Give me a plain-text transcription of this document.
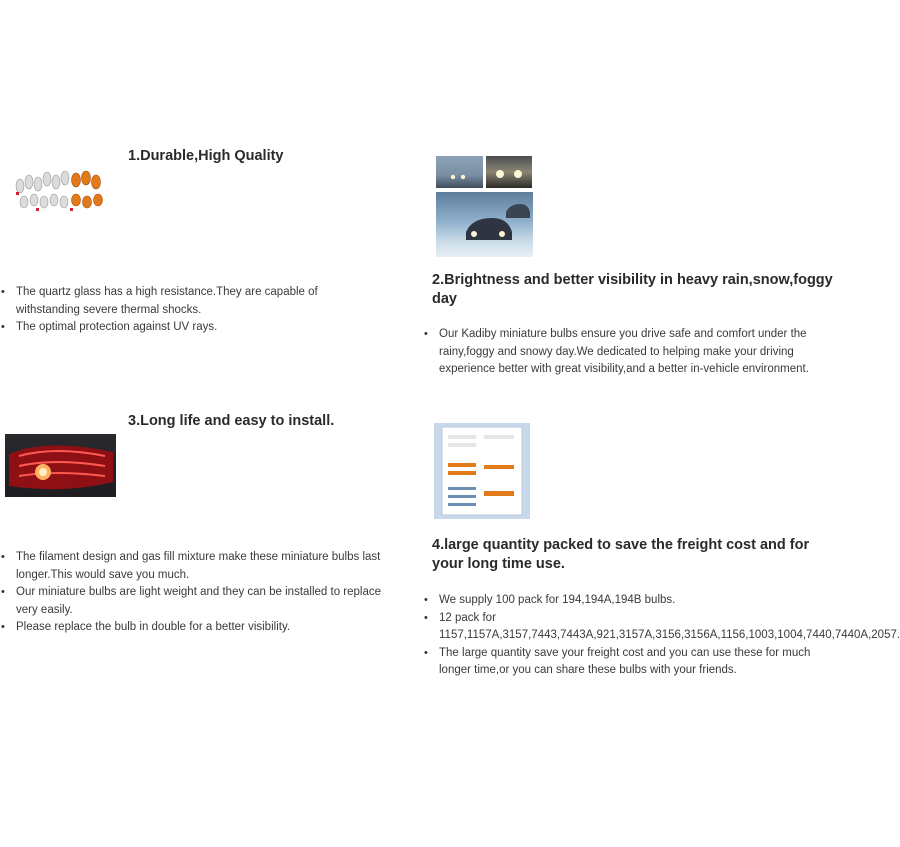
1.Durable,High Quality
• The quartz glass has a high resistance.They are capable of withstanding severe thermal shocks.
• The optimal protection against UV rays.
2.Brightness and better visibility in heavy rain,snow,foggy day
• Our Kadiby miniature bulbs ensure you drive safe and comfort under the rainy,foggy and snowy day.We dedicated to helping make your driving experience better with great visibility,and a better in-vehicle environment.
3.Long life and easy to install.
• The filament design and gas fill mixture make these miniature bulbs last longer.This would save you much.
• Our miniature bulbs are light weight and they can be installed to replace very easily.
• Please replace the bulb in double for a better visibility.
4.large quantity packed to save the freight cost and for your long time use.
• We supply 100 pack for 194,194A,194B bulbs.
• 12 pack for 1157,1157A,3157,7443,7443A,921,3157A,3156,3156A,1156,1003,1004,7440,7440A,2057.
• The large quantity save your freight cost and you can use these for much longer time,or you can share these bulbs with your friends.
